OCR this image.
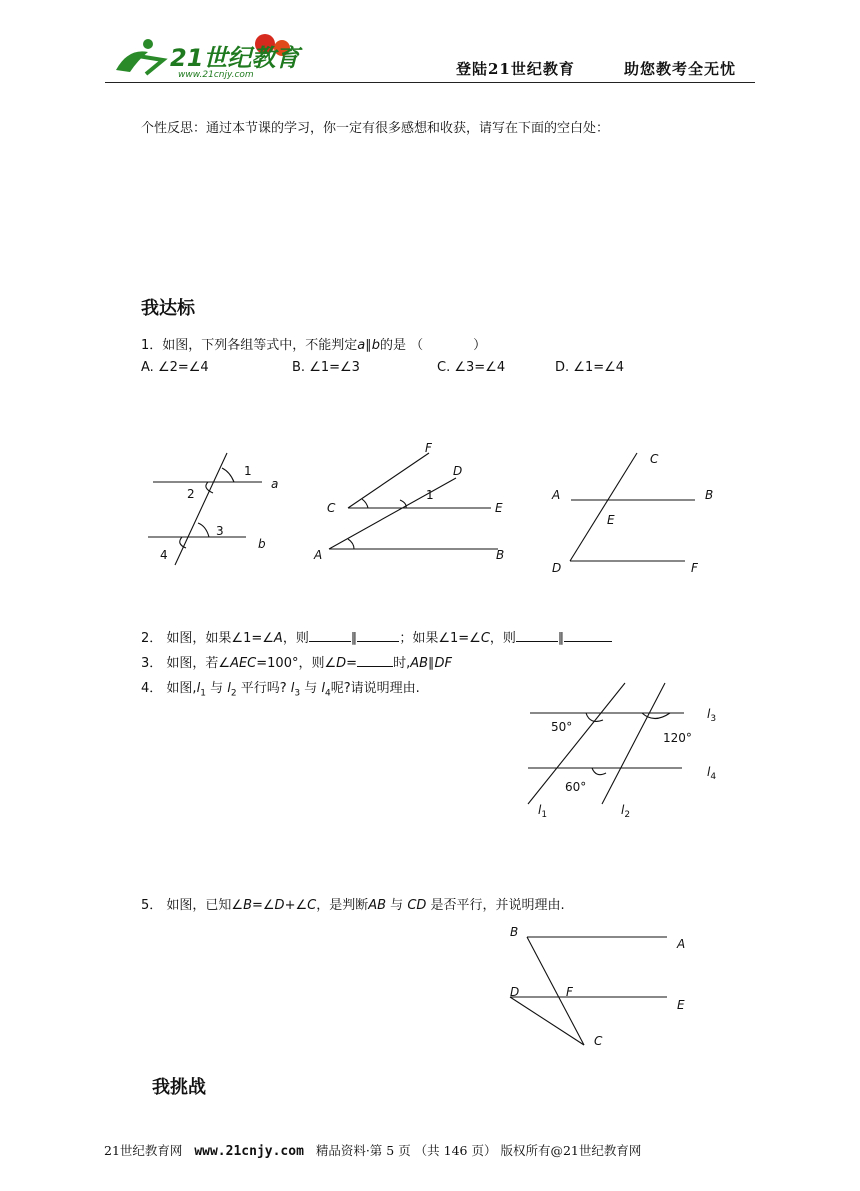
21世纪教育
www.21cnjy.com	登陆21世纪教育	助您教考全无忧
个性反思：通过本节课的学习，你一定有很多感想和收获，请写在下面的空白处：
我达标
1．如图，下列各组等式中，不能判定a∥b的是 （	）
A. ∠2=∠4	B. ∠1=∠3	C. ∠3=∠4	D. ∠1=∠4
1
2
3
4
a
b
F
D
C
1
E
A	B
C
A	B
E
D	F
2． 如图，如果∠1=∠A，则	∥	；如果∠1=∠C，则	∥
3． 如图，若∠AEC=100°，则∠D=	时,AB∥DF
4． 如图$,l_1$ 与 $l_2$ 平行吗? $l_3$ 与 $l_4$呢?请说明理由.
50°
120°
60°
$l_3$
$l_4$
$l_1$	$l_2$
5． 如图，已知∠B=∠D+∠C，是判断AB 与 CD 是否平行，并说明理由.
B
A
D	F
E
C
我挑战
21世纪教育网 www.21cnjy.com 精品资料·第 5 页 （共 146 页） 版权所有@21世纪教育网
